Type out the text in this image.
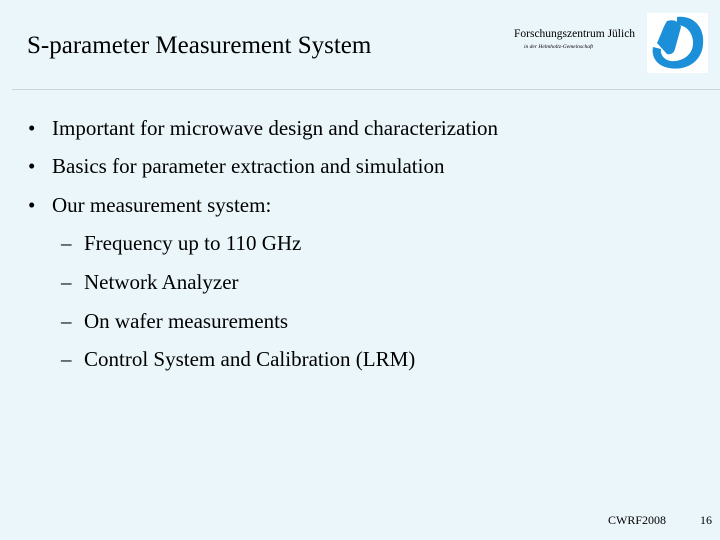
S-parameter Measurement System	Forschungszentrum Jülich
in der Helmholtz-Gemeinschaft
• Important for microwave design and characterization
• Basics for parameter extraction and simulation
• Our measurement system:
– Frequency up to 110 GHz
– Network Analyzer
– On wafer measurements
– Control System and Calibration (LRM)
CWRF2008	16
